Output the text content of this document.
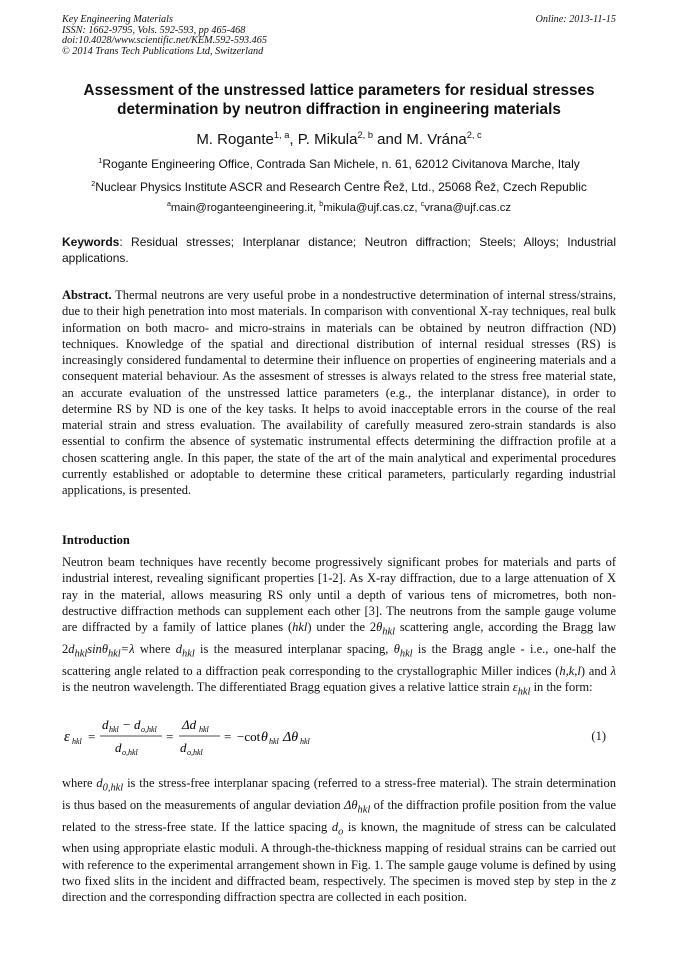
Key Engineering Materials
ISSN: 1662-9795, Vols. 592-593, pp 465-468
doi:10.4028/www.scientific.net/KEM.592-593.465
© 2014 Trans Tech Publications Ltd, Switzerland
Online: 2013-11-15
Assessment of the unstressed lattice parameters for residual stresses
determination by neutron diffraction in engineering materials
M. Rogante$^{1, a}$, P. Mikula$^{2, b}$ and M. Vrána$^{2, c}$
$^1$Rogante Engineering Office, Contrada San Michele, n. 61, 62012 Civitanova Marche, Italy
$^2$Nuclear Physics Institute ASCR and Research Centre Řež, Ltd., 25068 Řež, Czech Republic
$^a$main@roganteengineering.it, $^b$mikula@ujf.cas.cz, $^c$vrana@ujf.cas.cz
Keywords: Residual stresses; Interplanar distance; Neutron diffraction; Steels; Alloys; Industrial applications.

Abstract. Thermal neutrons are very useful probe in a nondestructive determination of internal stress/strains, due to their high penetration into most materials. In comparison with conventional X-ray techniques, real bulk information on both macro- and micro-strains in materials can be obtained by neutron diffraction (ND) techniques. Knowledge of the spatial and directional distribution of internal residual stresses (RS) is increasingly considered fundamental to determine their influence on properties of engineering materials and a consequent material behaviour. As the assesment of stresses is always related to the stress free material state, an accurate evaluation of the unstressed lattice parameters (e.g., the interplanar distance), in order to determine RS by ND is one of the key tasks. It helps to avoid inacceptable errors in the course of the real material strain and stress evaluation. The availability of carefully measured zero-strain standards is also essential to confirm the absence of systematic instrumental effects determining the diffraction profile at a chosen scattering angle. In this paper, the state of the art of the main analytical and experimental procedures currently established or adoptable to determine these critical parameters, particularly regarding industrial applications, is presented.

Introduction

Neutron beam techniques have recently become progressively significant probes for materials and parts of industrial interest, revealing significant properties [1-2]. As X-ray diffraction, due to a large attenuation of X ray in the material, allows measuring RS only until a depth of various tens of micrometres, both non-destructive diffraction methods can supplement each other [3]. The neutrons from the sample gauge volume are diffracted by a family of lattice planes (hkl) under the $2\theta_{hkl}$ scattering angle, according the Bragg law $2d_{hkl}\sin\theta_{hkl}=\lambda$ where $d_{hkl}$ is the measured interplanar spacing, $\theta_{hkl}$ is the Bragg angle - i.e., one-half the scattering angle related to a diffraction peak corresponding to the crystallographic Miller indices (h,k,l) and λ is the neutron wavelength. The differentiated Bragg equation gives a relative lattice strain $\varepsilon_{hkl}$ in the form:

ε hkl =
d hkl − d o,hkl
d o,hkl
=
Δd hkl
d o,hkl
= −cot θ hkl Δθ hkl	(1)

where $d_{0,hkl}$ is the stress-free interplanar spacing (referred to a stress-free material). The strain determination is thus based on the measurements of angular deviation $\Delta\theta_{hkl}$ of the diffraction profile position from the value related to the stress-free state. If the lattice spacing $d_o$ is known, the magnitude of stress can be calculated when using appropriate elastic moduli. A through-the-thickness mapping of residual strains can be carried out with reference to the experimental arrangement shown in Fig. 1. The sample gauge volume is defined by using two fixed slits in the incident and diffracted beam, respectively. The specimen is moved step by step in the z direction and the corresponding diffraction spectra are collected in each position.
